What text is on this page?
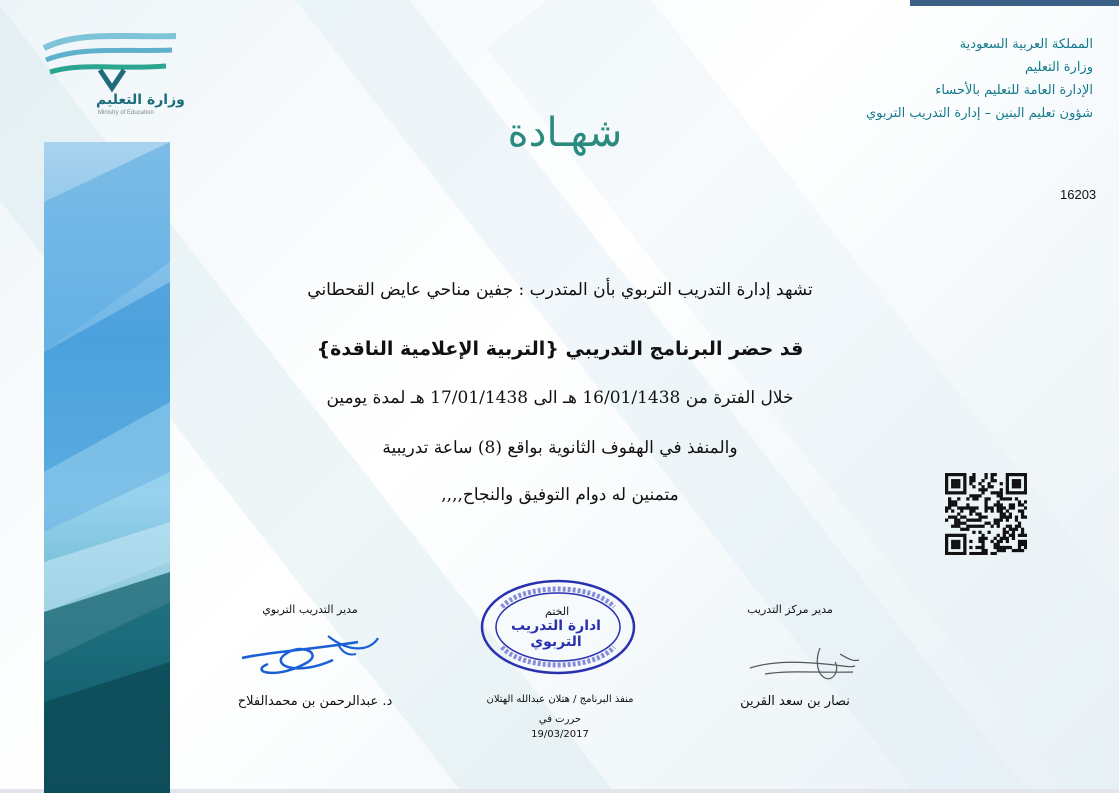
وزارة التعليم
Ministry of Education
المملكة العربية السعودية
وزارة التعليم
الإدارة العامة للتعليم بالأحساء
شؤون تعليم البنين – إدارة التدريب التربوي
شهـادة
16203
تشهد إدارة التدريب التربوي بأن المتدرب : جفين مناحي عايض القحطاني
قد حضر البرنامج التدريبي {التربية الإعلامية الناقدة}
خلال الفترة من 16/01/1438 هـ الى 17/01/1438 هـ لمدة يومين
والمنفذ في الهفوف الثانوية بواقع (8) ساعة تدريبية
متمنين له دوام التوفيق والنجاح,,,,
مدير مركز التدريب
نصار بن سعد القرين
الختم
ادارة التدريب التربوي
منفذ البرنامج / هتلان عبدالله الهتلان
حررت في
19/03/2017
مدير التدريب التربوي
د. عبدالرحمن بن محمدالفلاح
